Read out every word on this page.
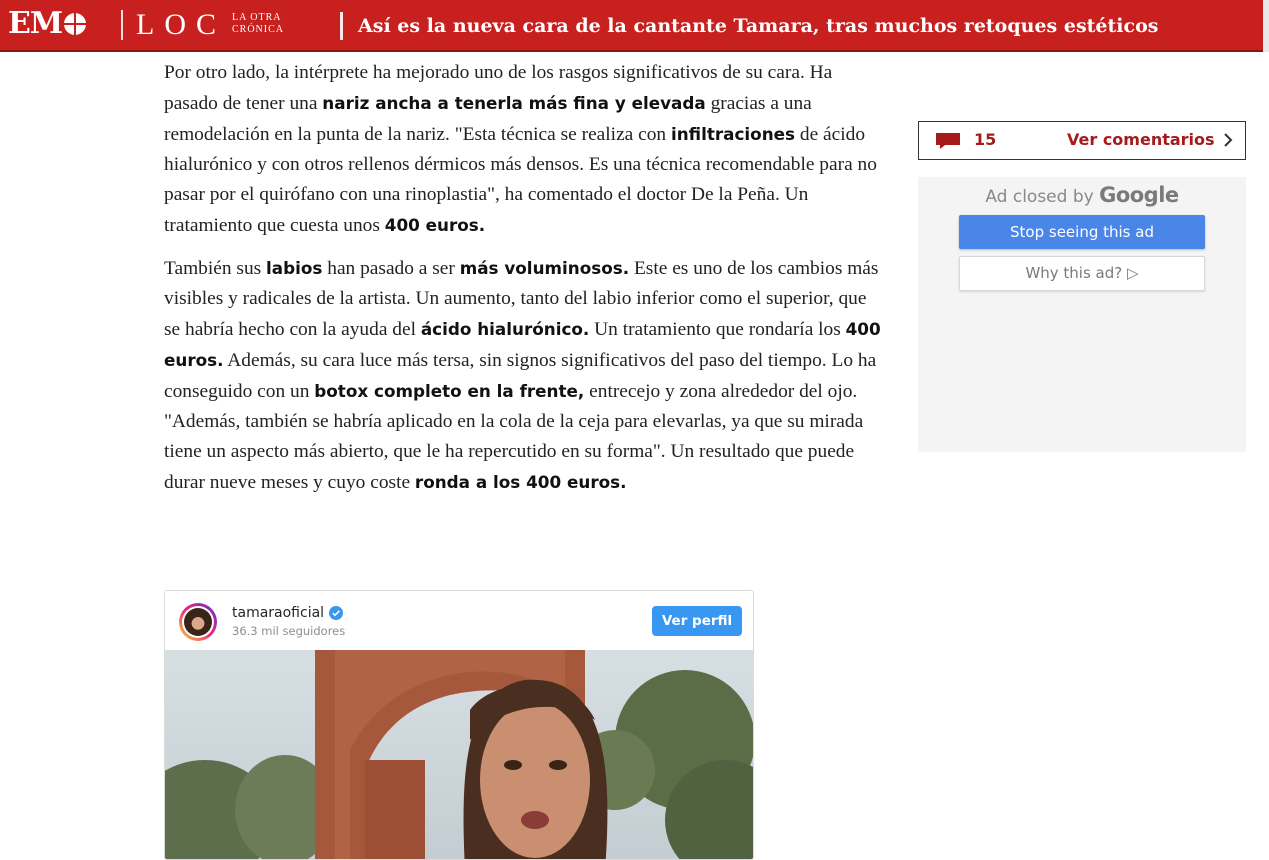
EM	LOC LA OTRA
CRÓNICA	Así es la nueva cara de la cantante Tamara, tras muchos retoques estéticos

Por otro lado, la intérprete ha mejorado uno de los rasgos significativos de su cara. Ha pasado de tener una nariz ancha a tenerla más fina y elevada gracias a una remodelación en la punta de la nariz. "Esta técnica se realiza con infiltraciones de ácido hialurónico y con otros rellenos dérmicos más densos. Es una técnica recomendable para no pasar por el quirófano con una rinoplastia", ha comentado el doctor De la Peña. Un tratamiento que cuesta unos 400 euros.

También sus labios han pasado a ser más voluminosos. Este es uno de los cambios más visibles y radicales de la artista. Un aumento, tanto del labio inferior como el superior, que se habría hecho con la ayuda del ácido hialurónico. Un tratamiento que rondaría los 400 euros. Además, su cara luce más tersa, sin signos significativos del paso del tiempo. Lo ha conseguido con un botox completo en la frente, entrecejo y zona alrededor del ojo. "Además, también se habría aplicado en la cola de la ceja para elevarlas, ya que su mirada tiene un aspecto más abierto, que le ha repercutido en su forma". Un resultado que puede durar nueve meses y cuyo coste ronda a los 400 euros.

15	Ver comentarios
Ad closed by Google
Stop seeing this ad
Why this ad? ▷
tamaraoficial
36.3 mil seguidores
Ver perfil
